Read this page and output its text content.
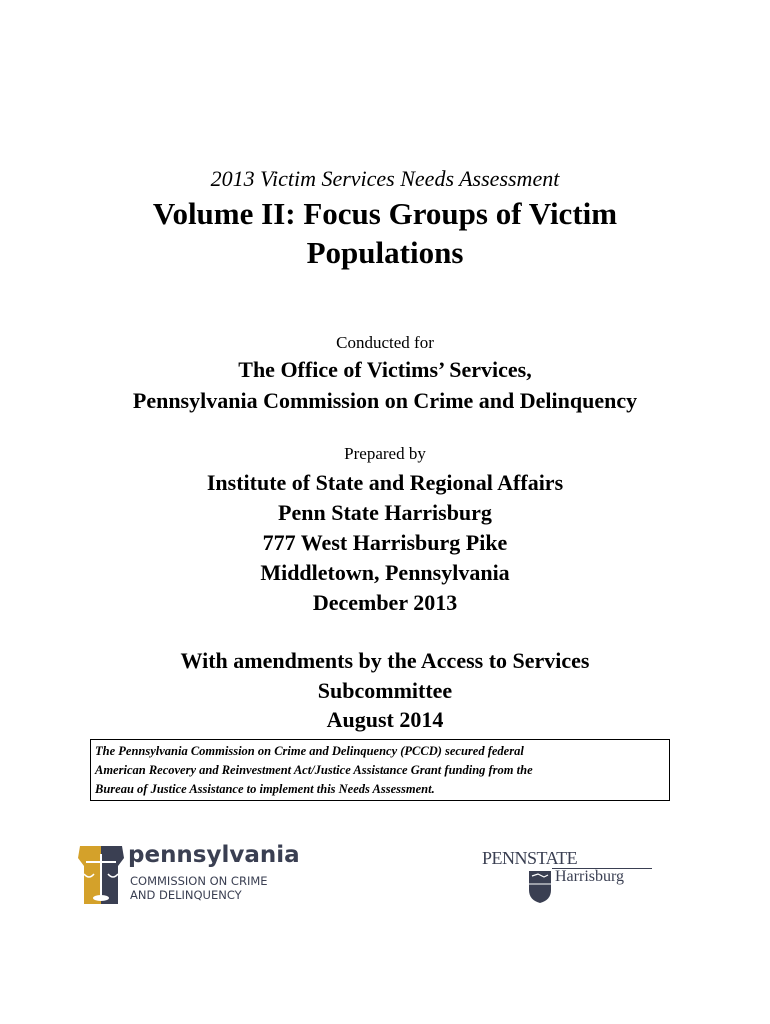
2013 Victim Services Needs Assessment
Volume II: Focus Groups of Victim
Populations
Conducted for
The Office of Victims’ Services,
Pennsylvania Commission on Crime and Delinquency
Prepared by
Institute of State and Regional Affairs
Penn State Harrisburg
777 West Harrisburg Pike
Middletown, Pennsylvania
December 2013
With amendments by the Access to Services
Subcommittee
August 2014
The Pennsylvania Commission on Crime and Delinquency (PCCD) secured federal
American Recovery and Reinvestment Act/Justice Assistance Grant funding from the
Bureau of Justice Assistance to implement this Needs Assessment.
pennsylvania
COMMISSION ON CRIME
AND DELINQUENCY
PENNSTATE
Harrisburg
